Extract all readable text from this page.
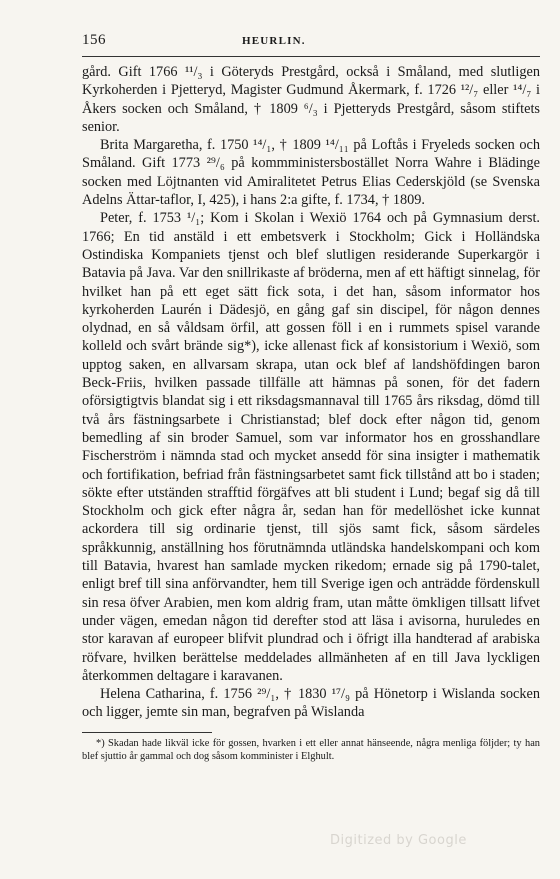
156	HEURLIN.

gård. Gift 1766 ¹¹/₃ i Göteryds Prestgård, också i Småland, med slutligen Kyrkoherden i Pjetteryd, Magister Gudmund Åkermark, f. 1726 ¹²/₇ eller ¹⁴/₇ i Åkers socken och Småland, † 1809 ⁶/₃ i Pjetteryds Prestgård, såsom stiftets senior.

Brita Margaretha, f. 1750 ¹⁴/₁, † 1809 ¹⁴/₁₁ på Loftås i Fryeleds socken och Småland. Gift 1773 ²⁹/₆ på kommministersbostället Norra Wahre i Blädinge socken med Löjtnanten vid Amiralitetet Petrus Elias Cederskjöld (se Svenska Adelns Ättar-taflor, I, 425), i hans 2:a gifte, f. 1734, † 1809.

Peter, f. 1753 ¹/₁; Kom i Skolan i Wexiö 1764 och på Gymnasium derst. 1766; En tid anstäld i ett embetsverk i Stockholm; Gick i Holländska Ostindiska Kompaniets tjenst och blef slutligen residerande Superkargör i Batavia på Java. Var den snillrikaste af bröderna, men af ett häftigt sinnelag, för hvilket han på ett eget sätt fick sota, i det han, såsom informator hos kyrkoherden Laurén i Dädesjö, en gång gaf sin discipel, för någon dennes olydnad, en så våldsam örfil, att gossen föll i en i rummets spisel varande kolleld och svårt brände sig*), icke allenast fick af konsistorium i Wexiö, som upptog saken, en allvarsam skrapa, utan ock blef af landshöfdingen baron Beck-Friis, hvilken passade tillfälle att hämnas på sonen, för det fadern oförsigtigtvis blandat sig i ett riksdagsmannaval till 1765 års riksdag, dömd till två års fästningsarbete i Christianstad; blef dock efter någon tid, genom bemedling af sin broder Samuel, som var informator hos en grosshandlare Fischerström i nämnda stad och mycket ansedd för sina insigter i mathematik och fortifikation, befriad från fästningsarbetet samt fick tillstånd att bo i staden; sökte efter utständen strafftid förgäfves att bli student i Lund; begaf sig då till Stockholm och gick efter några år, sedan han för medellöshet icke kunnat ackordera till sig ordinarie tjenst, till sjös samt fick, såsom särdeles språkkunnig, anställning hos förutnämnda utländska handelskompani och kom till Batavia, hvarest han samlade mycken rikedom; ernade sig på 1790-talet, enligt bref till sina anförvandter, hem till Sverige igen och anträdde fördenskull sin resa öfver Arabien, men kom aldrig fram, utan måtte ömkligen tillsatt lifvet under vägen, emedan någon tid derefter stod att läsa i avisorna, huruledes en stor karavan af europeer blifvit plundrad och i öfrigt illa handterad af arabiska röfvare, hvilken berättelse meddelades allmänheten af en till Java lyckligen återkommen deltagare i karavanen.

Helena Catharina, f. 1756 ²⁹/₁, † 1830 ¹⁷/₉ på Hönetorp i Wislanda socken och ligger, jemte sin man, begrafven på Wislanda

*) Skadan hade likväl icke för gossen, hvarken i ett eller annat hänseende, några menliga följder; ty han blef sjuttio år gammal och dog såsom komminister i Elghult.

Digitized by Google
